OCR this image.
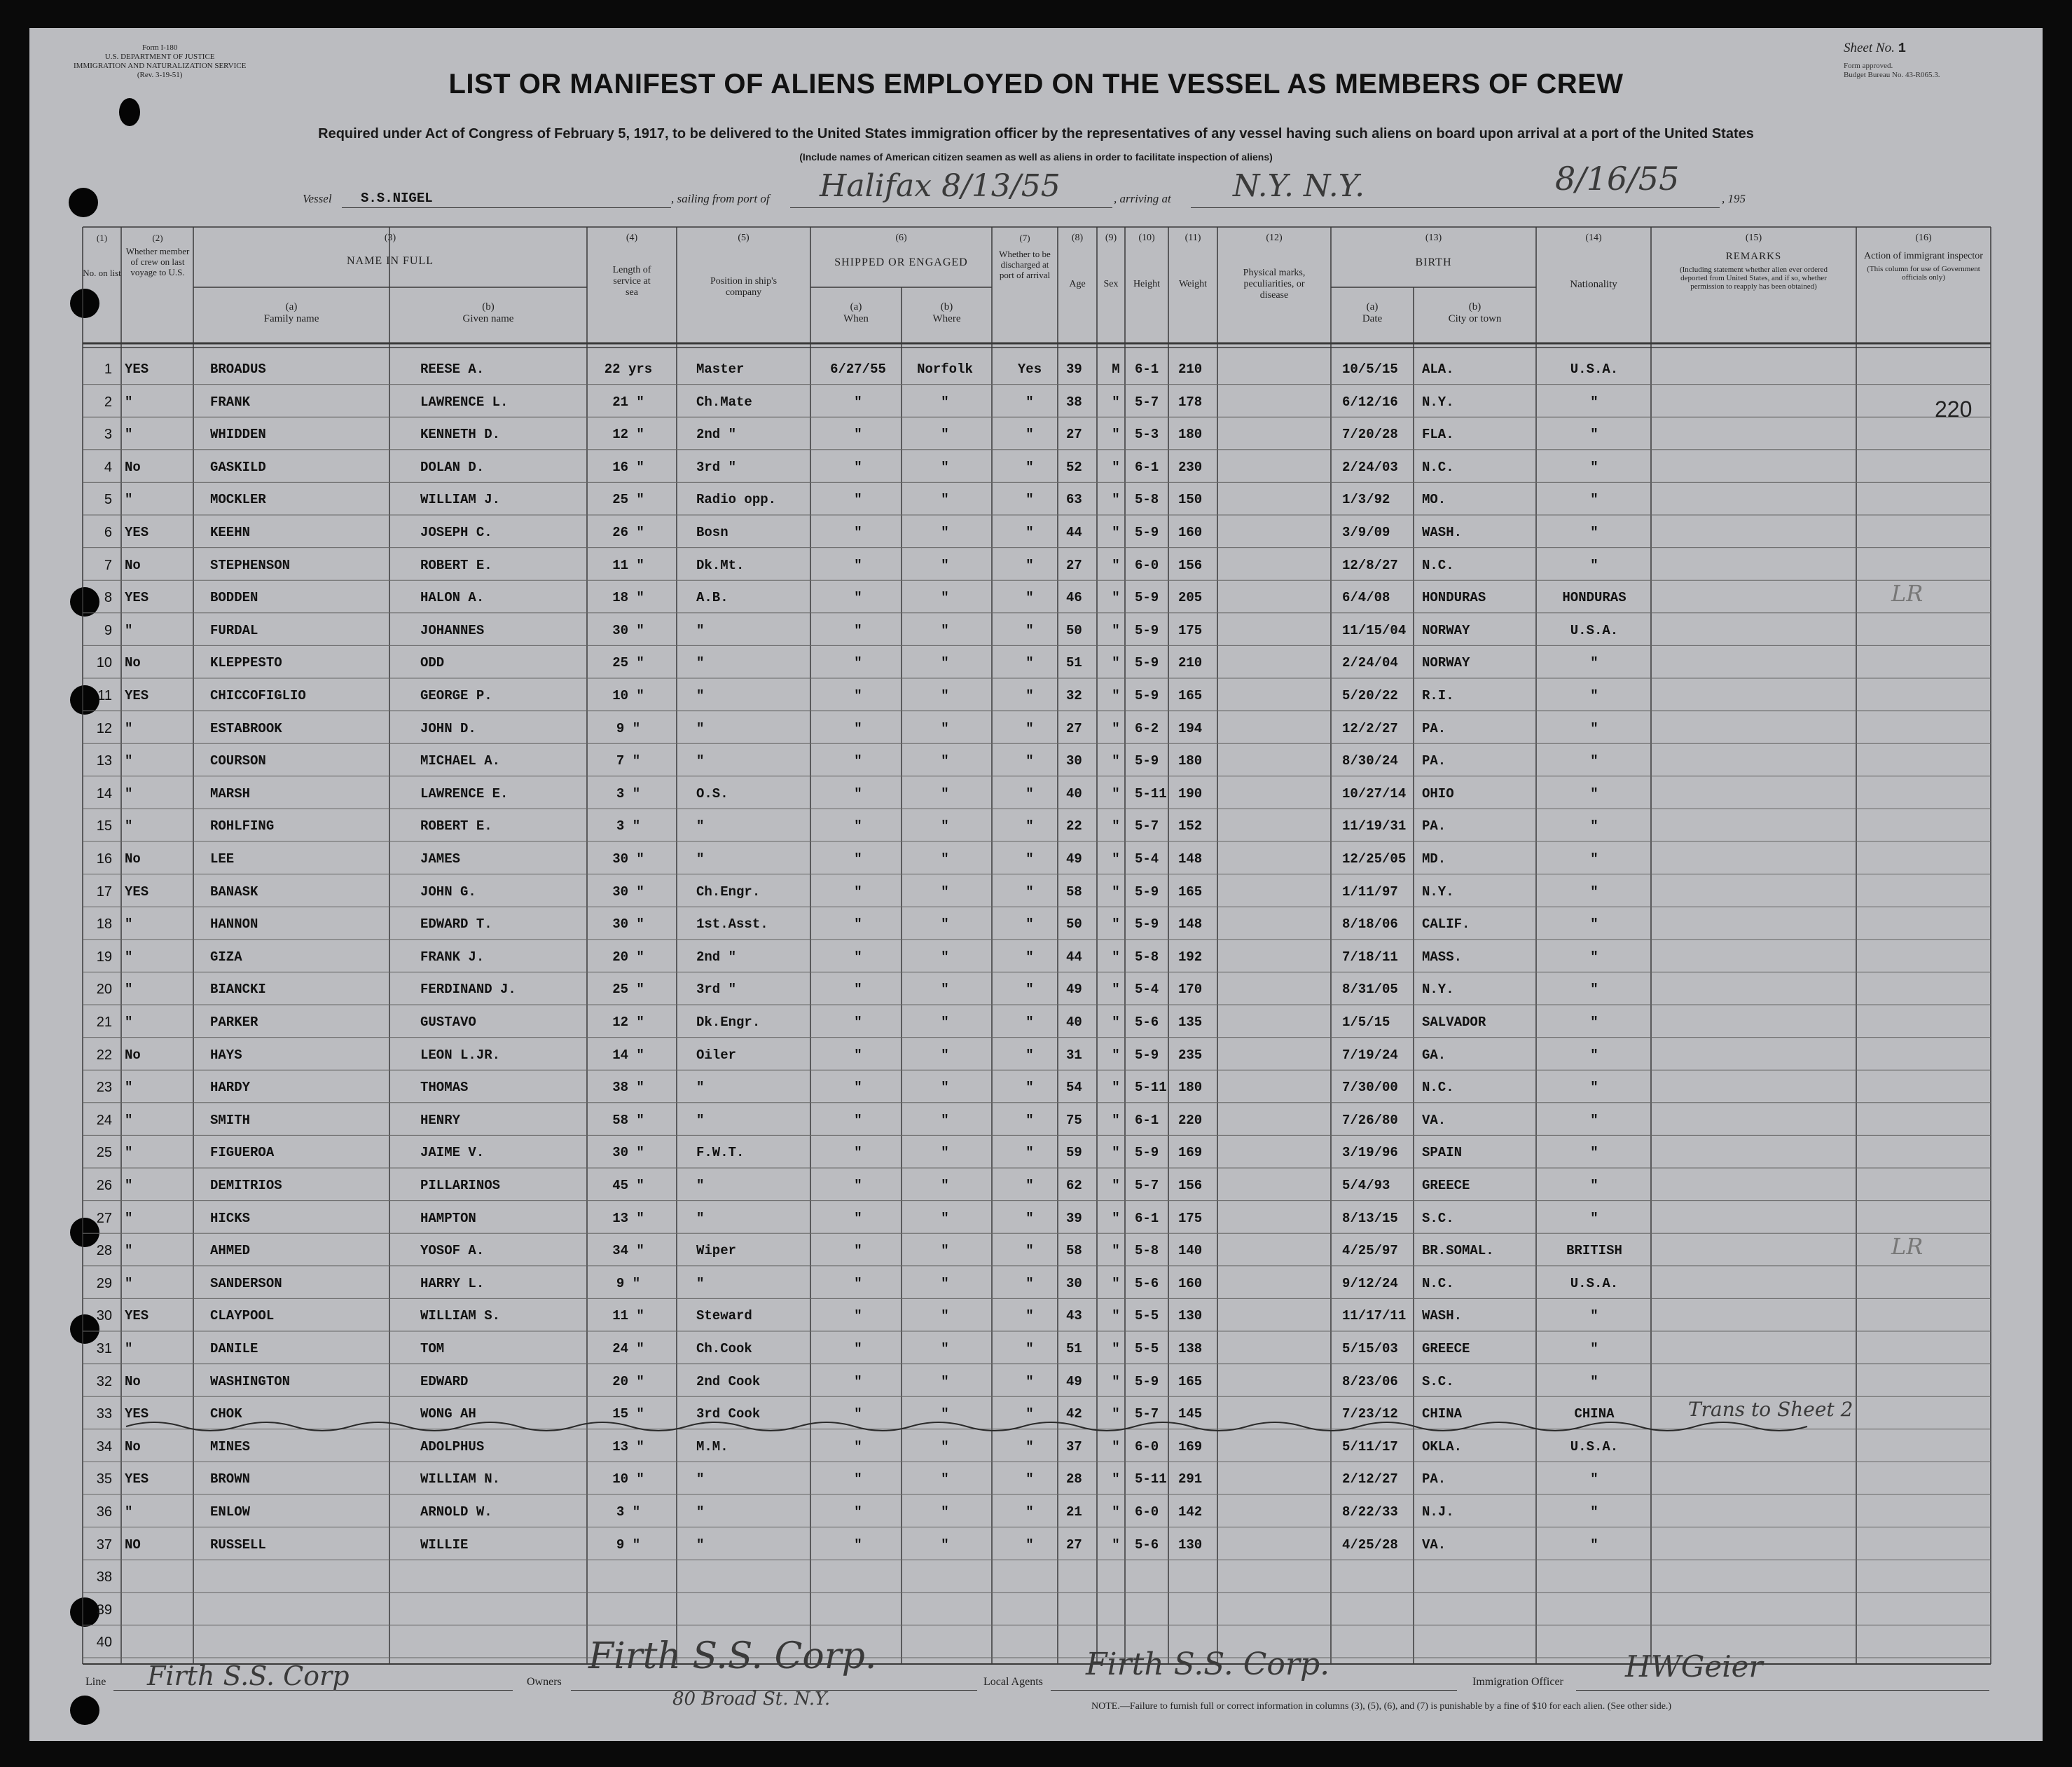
Form I-180
U.S. DEPARTMENT OF JUSTICE
IMMIGRATION AND NATURALIZATION SERVICE
(Rev. 3-19-51)
Sheet No. 1
Form approved.
Budget Bureau No. 43-R065.3.
LIST OR MANIFEST OF ALIENS EMPLOYED ON THE VESSEL AS MEMBERS OF CREW
Required under Act of Congress of February 5, 1917, to be delivered to the United States immigration officer by the representatives of any vessel having such aliens on board upon arrival at a port of the United States
(Include names of American citizen seamen as well as aliens in order to facilitate inspection of aliens)
Vessel S.S.NIGEL	, sailing from port of Halifax 8/13/55	, arriving at N.Y. N.Y.	8/16/55
, 195
(1)
No. on list
(2)
Whether member of crew on last voyage to U.S.
(3)
NAME IN FULL
(a)
Family name
(b)
Given name
(4)
Length of service at sea
(5)
Position in ship's company
(6)
SHIPPED OR ENGAGED
(a)
When
(b)
Where
(7)
Whether to be discharged at port of arrival
(8)
Age
(9)
Sex
(10)
Height
(11)
Weight
(12)
Physical marks, peculiarities, or disease
(13)
BIRTH
(a)
Date
(b)
City or town
(14)
Nationality
(15)
REMARKS
(Including statement whether alien ever ordered deported from United States, and if so, whether permission to reapply has been obtained)
(16)
Action of immigrant inspector
(This column for use of Government officials only)
1 YES	BROADUS	REESE A.	22 yrs	Master	6/27/55	Norfolk	Yes	39	M	6-1 210	10/5/15 ALA.	U.S.A.
2 "	FRANK	LAWRENCE L.	21 "	Ch.Mate	"	"	"	38	"	5-7 178	6/12/16 N.Y.	"
3 "	WHIDDEN	KENNETH D.	12 "	2nd "	"	"	"	27	"	5-3 180	7/20/28 FLA.	"
4 No	GASKILD	DOLAN D.	16 "	3rd "	"	"	"	52	"	6-1 230	2/24/03 N.C.	"
5 "	MOCKLER	WILLIAM J.	25 "	Radio opp.	"	"	"	63	"	5-8 150	1/3/92 MO.	"
6 YES	KEEHN	JOSEPH C.	26 "	Bosn	"	"	"	44	"	5-9 160	3/9/09 WASH.	"
7 No	STEPHENSON	ROBERT E.	11 "	Dk.Mt.	"	"	"	27	"	6-0 156	12/8/27 N.C.	"
8 YES	BODDEN	HALON A.	18 "	A.B.	"	"	"	46	"	5-9 205	6/4/08 HONDURAS	HONDURAS	LR
9 "	FURDAL	JOHANNES	30 "	"	"	"	"	50	"	5-9 175	11/15/04 NORWAY	U.S.A.
10 No	KLEPPESTO	ODD	25 "	"	"	"	"	51	"	5-9 210	2/24/04 NORWAY	"
11 YES	CHICCOFIGLIO	GEORGE P.	10 "	"	"	"	"	32	"	5-9 165	5/20/22 R.I.	"
12 "	ESTABROOK	JOHN D.	9 "	"	"	"	"	27	"	6-2 194	12/2/27 PA.	"
13 "	COURSON	MICHAEL A.	7 "	"	"	"	"	30	"	5-9 180	8/30/24 PA.	"
14 "	MARSH	LAWRENCE E.	3 "	O.S.	"	"	"	40	"	5-11 190	10/27/14 OHIO	"
15 "	ROHLFING	ROBERT E.	3 "	"	"	"	"	22	"	5-7 152	11/19/31 PA.	"
16 No	LEE	JAMES	30 "	"	"	"	"	49	"	5-4 148	12/25/05 MD.	"
17 YES	BANASK	JOHN G.	30 "	Ch.Engr.	"	"	"	58	"	5-9 165	1/11/97 N.Y.	"
18 "	HANNON	EDWARD T.	30 "	1st.Asst.	"	"	"	50	"	5-9 148	8/18/06 CALIF.	"
19 "	GIZA	FRANK J.	20 "	2nd "	"	"	"	44	"	5-8 192	7/18/11 MASS.	"
20 "	BIANCKI	FERDINAND J.	25 "	3rd "	"	"	"	49	"	5-4 170	8/31/05 N.Y.	"
21 "	PARKER	GUSTAVO	12 "	Dk.Engr.	"	"	"	40	"	5-6 135	1/5/15 SALVADOR	"
22 No	HAYS	LEON L.JR.	14 "	Oiler	"	"	"	31	"	5-9 235	7/19/24 GA.	"
23 "	HARDY	THOMAS	38 "	"	"	"	"	54	"	5-11 180	7/30/00 N.C.	"
24 "	SMITH	HENRY	58 "	"	"	"	"	75	"	6-1 220	7/26/80 VA.	"
25 "	FIGUEROA	JAIME V.	30 "	F.W.T.	"	"	"	59	"	5-9 169	3/19/96 SPAIN	"
26 "	DEMITRIOS	PILLARINOS	45 "	"	"	"	"	62	"	5-7 156	5/4/93 GREECE	"
27 "	HICKS	HAMPTON	13 "	"	"	"	"	39	"	6-1 175	8/13/15 S.C.	"
28 "	AHMED	YOSOF A.	34 "	Wiper	"	"	"	58	"	5-8 140	4/25/97 BR.SOMAL.	BRITISH	LR
29 "	SANDERSON	HARRY L.	9 "	"	"	"	"	30	"	5-6 160	9/12/24 N.C.	U.S.A.
30 YES	CLAYPOOL	WILLIAM S.	11 "	Steward	"	"	"	43	"	5-5 130	11/17/11 WASH.	"
31 "	DANILE	TOM	24 "	Ch.Cook	"	"	"	51	"	5-5 138	5/15/03 GREECE	"
32 No	WASHINGTON	EDWARD	20 "	2nd Cook	"	"	"	49	"	5-9 165	8/23/06 S.C.	"
33 YES	CHOK	WONG AH	15 "	3rd Cook	"	"	"	42	"	5-7 145	7/23/12 CHINA	CHINA	Trans to Sheet 2
34 No	MINES	ADOLPHUS	13 "	M.M.	"	"	"	37	"	6-0 169	5/11/17 OKLA.	U.S.A.
35 YES	BROWN	WILLIAM N.	10 "	"	"	"	"	28	"	5-11 291	2/12/27 PA.	"
36 "	ENLOW	ARNOLD W.	3 "	"	"	"	"	21	"	6-0 142	8/22/33 N.J.	"
37 NO	RUSSELL	WILLIE	9 "	"	"	"	"	27	"	5-6 130	4/25/28 VA.	"
38
39
40
220
Line Firth S.S. Corp	Owners
Firth S.S. Corp.
80 Broad St. N.Y.
Local Agents Firth S.S. Corp.	Immigration Officer HWGeier
NOTE.—Failure to furnish full or correct information in columns (3), (5), (6), and (7) is punishable by a fine of $10 for each alien. (See other side.)
